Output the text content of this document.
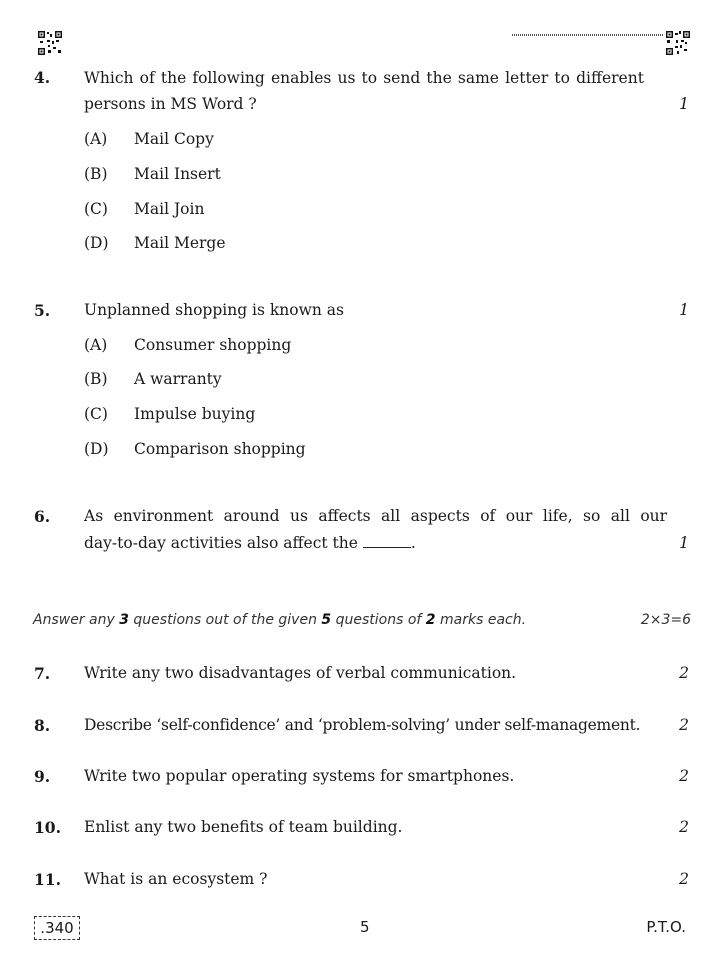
4. Which of the following enables us to send the same letter to different
persons in MS Word ?	1
(A) Mail Copy
(B) Mail Insert
(C) Mail Join
(D) Mail Merge
5. Unplanned shopping is known as	1
(A) Consumer shopping
(B) A warranty
(C) Impulse buying
(D) Comparison shopping
6. As environment around us affects all aspects of our life, so all our
day-to-day activities also affect the	.	1
Answer any 3 questions out of the given 5 questions of 2 marks each.	2×3=6
7. Write any two disadvantages of verbal communication.	2
8. Describe ‘self-confidence’ and ‘problem-solving’ under self-management.	2
9. Write two popular operating systems for smartphones.	2
10. Enlist any two benefits of team building.	2
11. What is an ecosystem ?	2
.340	5	P.T.O.
